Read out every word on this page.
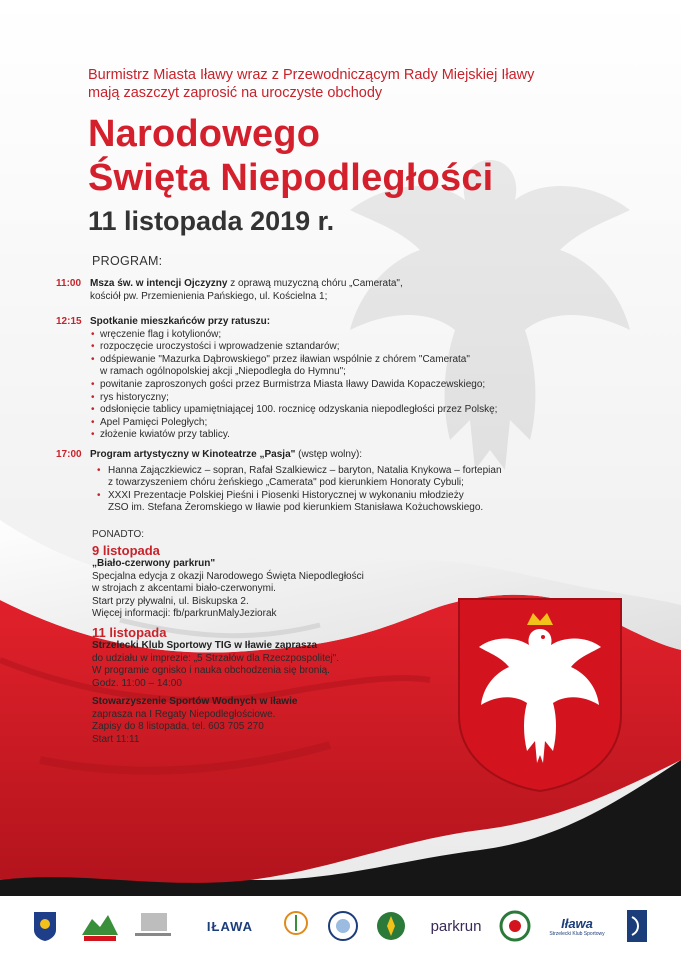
Burmistrz Miasta Iławy wraz z Przewodniczącym Rady Miejskiej Iławy
mają zaszczyt zaprosić na uroczyste obchody
Narodowego
Święta Niepodległości
11 listopada 2019 r.
PROGRAM:
11:00 Msza św. w intencji Ojczyzny z oprawą muzyczną chóru „Camerata",
kościół pw. Przemienienia Pańskiego, ul. Kościelna 1;
12:15 Spotkanie mieszkańców przy ratuszu:
• wręczenie flag i kotylionów;
• rozpoczęcie uroczystości i wprowadzenie sztandarów;
• odśpiewanie "Mazurka Dąbrowskiego" przez iławian wspólnie z chórem "Camerata"
w ramach ogólnopolskiej akcji „Niepodległa do Hymnu";
• powitanie zaproszonych gości przez Burmistrza Miasta Iławy Dawida Kopaczewskiego;
• rys historyczny;
• odsłonięcie tablicy upamiętniającej 100. rocznicę odzyskania niepodległości przez Polskę;
• Apel Pamięci Poległych;
• złożenie kwiatów przy tablicy.
17:00 Program artystyczny w Kinoteatrze „Pasja" (wstęp wolny):
• Hanna Zajączkiewicz – sopran, Rafał Szalkiewicz – baryton, Natalia Knykowa – fortepian
z towarzyszeniem chóru żeńskiego „Camerata" pod kierunkiem Honoraty Cybuli;
• XXXI Prezentacje Polskiej Pieśni i Piosenki Historycznej w wykonaniu młodzieży
ZSO im. Stefana Żeromskiego w Iławie pod kierunkiem Stanisława Kożuchowskiego.
PONADTO:
9 listopada
„Biało-czerwony parkrun"
Specjalna edycja z okazji Narodowego Święta Niepodległości
w strojach z akcentami biało-czerwonymi.
Start przy pływalni, ul. Biskupska 2.
Więcej informacji: fb/parkrunMalyJeziorak
11 listopada
Strzelecki Klub Sportowy TIG w Iławie zaprasza
do udziału w imprezie: „5 Strzałów dla Rzeczpospolitej".
W programie ognisko i nauka obchodzenia się bronią.
Godz. 11:00 – 14:00
Stowarzyszenie Sportów Wodnych w Iławie
zaprasza na I Regaty Niepodległościowe.
Zapisy do 8 listopada, tel. 603 705 270
Start 11:11
IŁAWA	parkrun	Iława
Strzelecki Klub Sportowy
